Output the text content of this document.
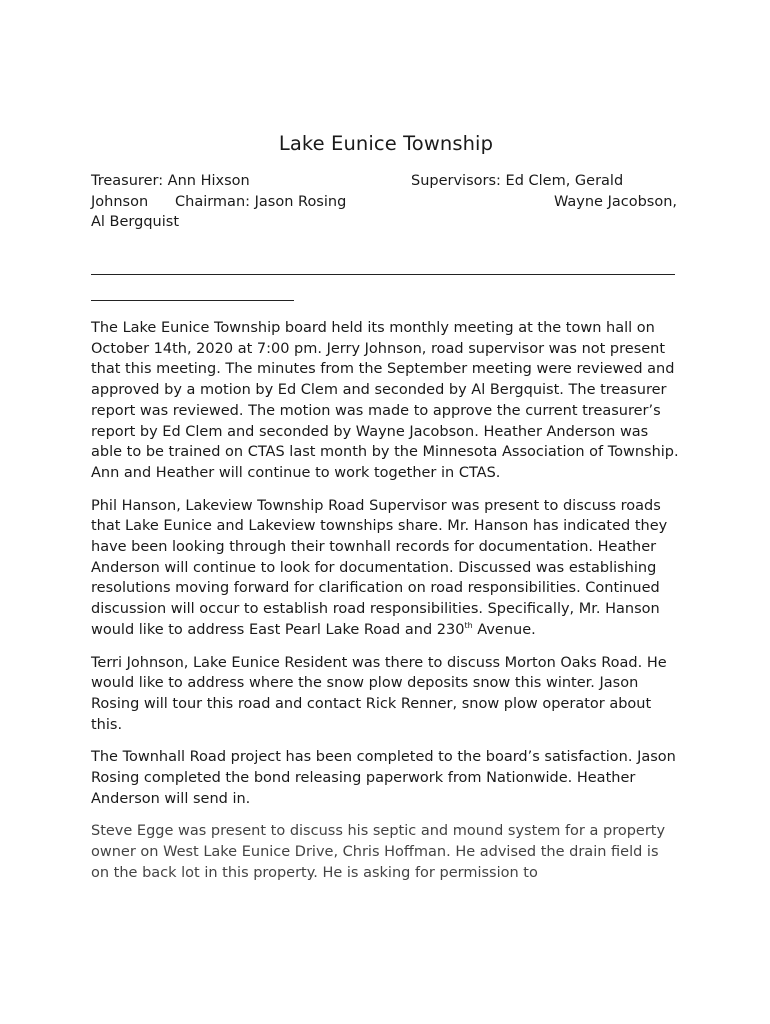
Lake Eunice Township
Treasurer: Ann Hixson	Supervisors: Ed Clem, Gerald
Johnson Chairman: Jason Rosing	Wayne Jacobson,
Al Bergquist

The Lake Eunice Township board held its monthly meeting at the town hall on October 14th, 2020 at 7:00 pm. Jerry Johnson, road supervisor was not present that this meeting. The minutes from the September meeting were reviewed and approved by a motion by Ed Clem and seconded by Al Bergquist. The treasurer report was reviewed. The motion was made to approve the current treasurer’s report by Ed Clem and seconded by Wayne Jacobson. Heather Anderson was able to be trained on CTAS last month by the Minnesota Association of Township. Ann and Heather will continue to work together in CTAS.

Phil Hanson, Lakeview Township Road Supervisor was present to discuss roads that Lake Eunice and Lakeview townships share. Mr. Hanson has indicated they have been looking through their townhall records for documentation. Heather Anderson will continue to look for documentation. Discussed was establishing resolutions moving forward for clarification on road responsibilities. Continued discussion will occur to establish road responsibilities. Specifically, Mr. Hanson would like to address East Pearl Lake Road and 230th Avenue.

Terri Johnson, Lake Eunice Resident was there to discuss Morton Oaks Road. He would like to address where the snow plow deposits snow this winter. Jason Rosing will tour this road and contact Rick Renner, snow plow operator about this.

The Townhall Road project has been completed to the board’s satisfaction. Jason Rosing completed the bond releasing paperwork from Nationwide. Heather Anderson will send in.

Steve Egge was present to discuss his septic and mound system for a property owner on West Lake Eunice Drive, Chris Hoffman. He advised the drain field is on the back lot in this property. He is asking for permission to
